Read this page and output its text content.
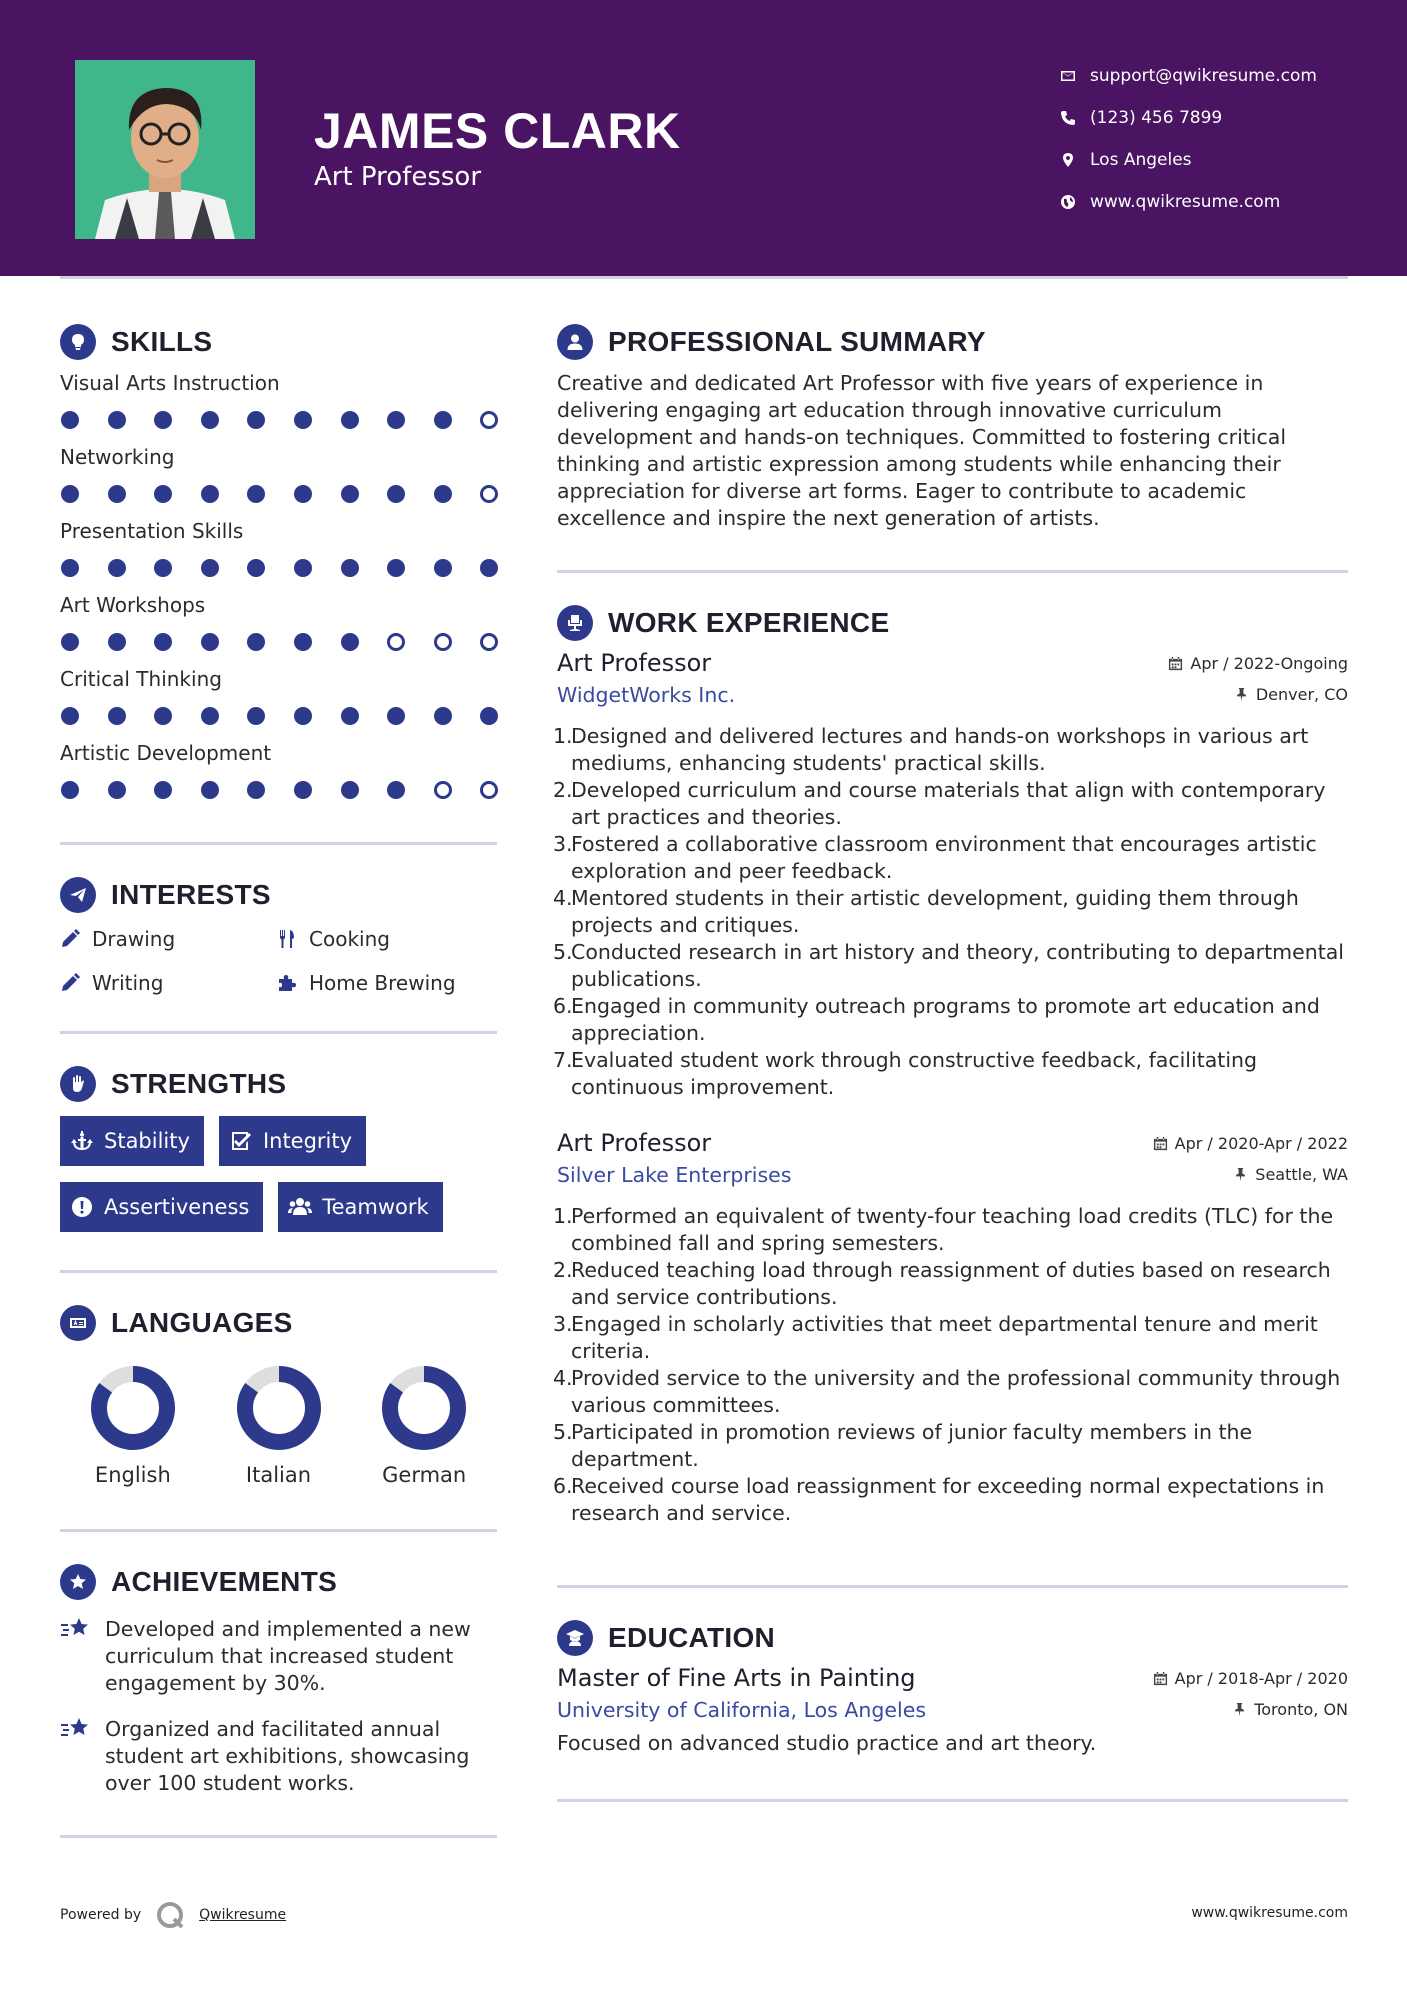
JAMES CLARK
Art Professor
support@qwikresume.com
(123) 456 7899
Los Angeles
www.qwikresume.com
SKILLS
Visual Arts Instruction
Networking
Presentation Skills
Art Workshops
Critical Thinking
Artistic Development
INTERESTS
Drawing	Cooking
Writing	Home Brewing
STRENGTHS
Stability	Integrity
Assertiveness	Teamwork
LANGUAGES
English	Italian	German
ACHIEVEMENTS

Developed and implemented a new curriculum that increased student engagement by 30%.

Organized and facilitated annual student art exhibitions, showcasing over 100 student works.

PROFESSIONAL SUMMARY

Creative and dedicated Art Professor with five years of experience in delivering engaging art education through innovative curriculum development and hands-on techniques. Committed to fostering critical thinking and artistic expression among students while enhancing their appreciation for diverse art forms. Eager to contribute to academic excellence and inspire the next generation of artists.

WORK EXPERIENCE
Art Professor	Apr / 2022-Ongoing
WidgetWorks Inc.	Denver, CO
1.
Designed and delivered lectures and hands-on workshops in various art mediums, enhancing students' practical skills.
2.
Developed curriculum and course materials that align with contemporary art practices and theories.
3.
Fostered a collaborative classroom environment that encourages artistic exploration and peer feedback.
4.
Mentored students in their artistic development, guiding them through projects and critiques.
5.
Conducted research in art history and theory, contributing to departmental publications.
6.
Engaged in community outreach programs to promote art education and appreciation.
7.
Evaluated student work through constructive feedback, facilitating continuous improvement.
Art Professor	Apr / 2020-Apr / 2022
Silver Lake Enterprises	Seattle, WA
1.
Performed an equivalent of twenty-four teaching load credits (TLC) for the combined fall and spring semesters.
2.
Reduced teaching load through reassignment of duties based on research and service contributions.
3.
Engaged in scholarly activities that meet departmental tenure and merit criteria.
4.
Provided service to the university and the professional community through various committees.
5.
Participated in promotion reviews of junior faculty members in the department.
6.
Received course load reassignment for exceeding normal expectations in research and service.
EDUCATION
Master of Fine Arts in Painting	Apr / 2018-Apr / 2020
University of California, Los Angeles	Toronto, ON

Focused on advanced studio practice and art theory.

Powered by	Qwikresume	www.qwikresume.com
